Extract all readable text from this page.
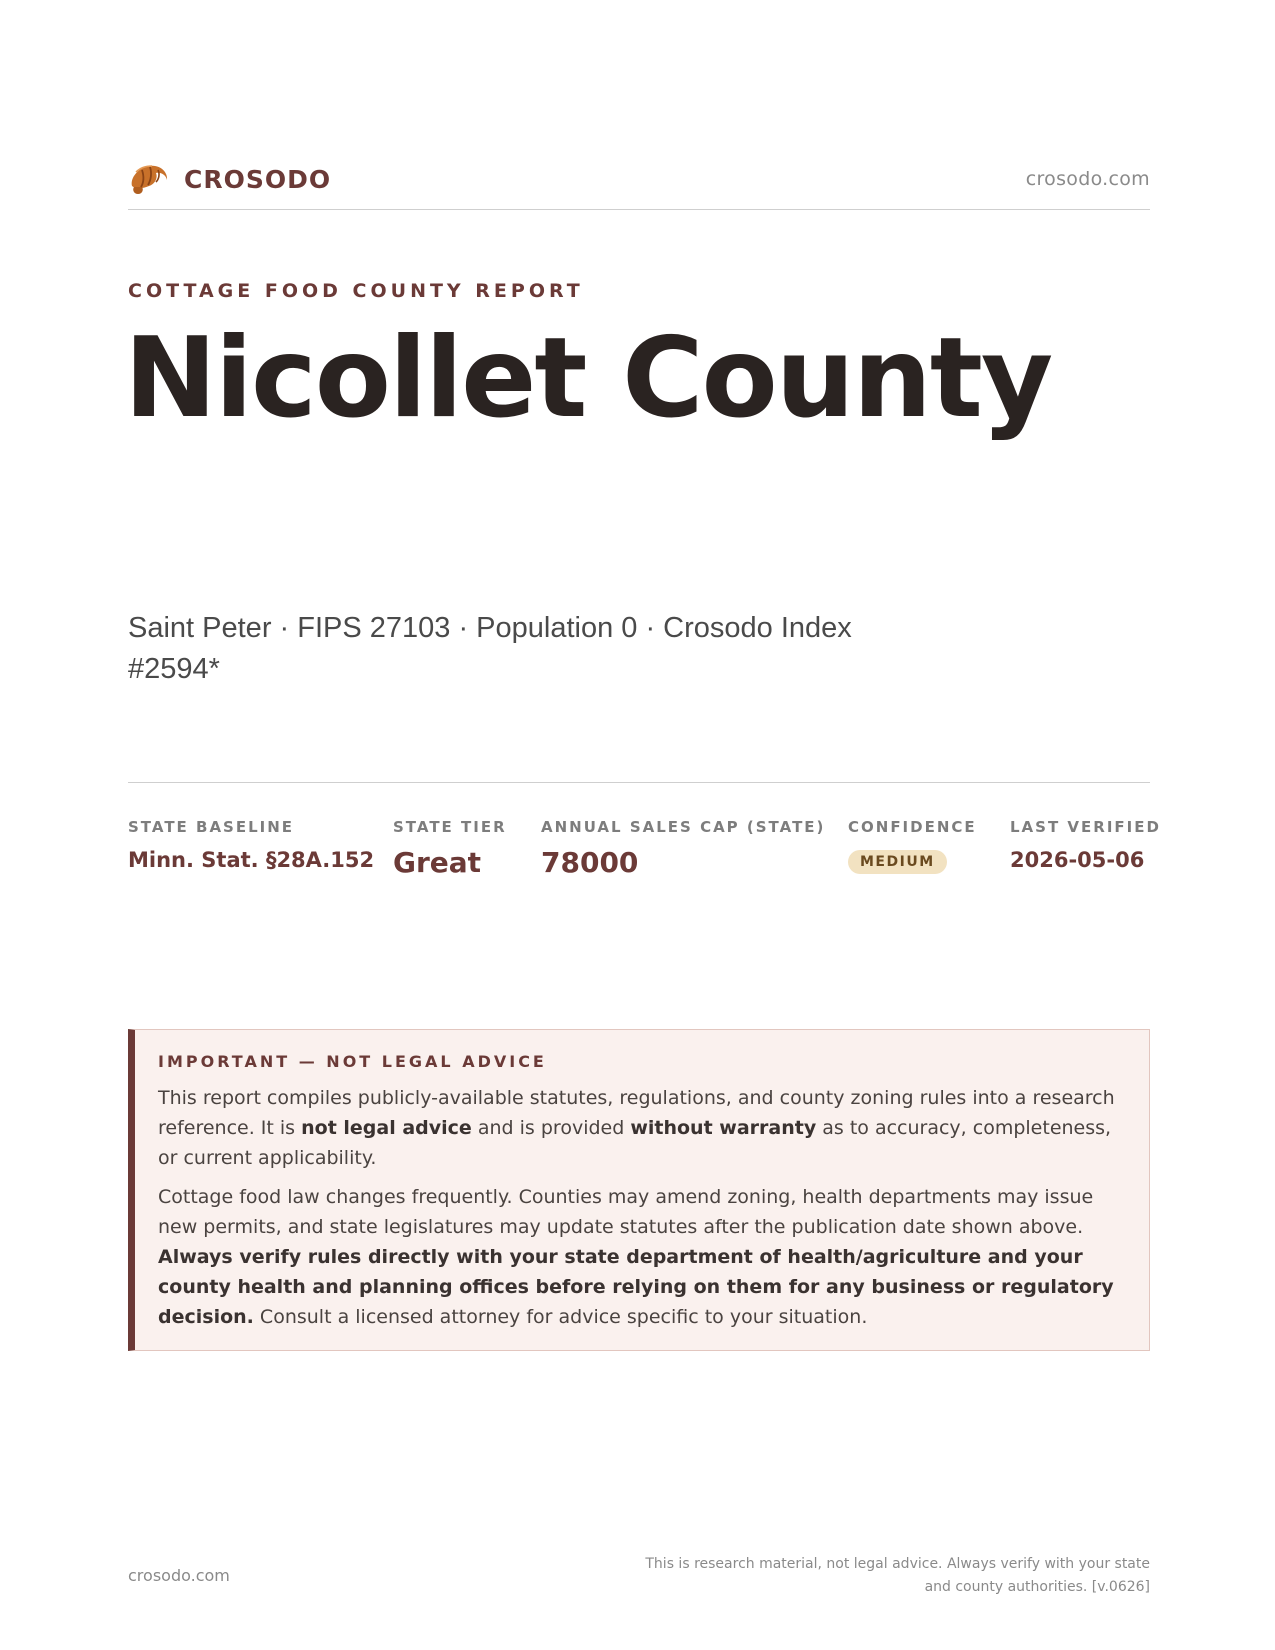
CROSODO	crosodo.com
COTTAGE FOOD COUNTY REPORT
Nicollet County
Saint Peter · FIPS 27103 · Population 0 · Crosodo Index #2594*
STATE BASELINE
Minn. Stat. §28A.152
STATE TIER
Great
ANNUAL SALES CAP (STATE)
78000
CONFIDENCE
MEDIUM
LAST VERIFIED
2026-05-06
IMPORTANT — NOT LEGAL ADVICE

This report compiles publicly-available statutes, regulations, and county zoning rules into a research reference. It is not legal advice and is provided without warranty as to accuracy, completeness, or current applicability.

Cottage food law changes frequently. Counties may amend zoning, health departments may issue new permits, and state legislatures may update statutes after the publication date shown above. Always verify rules directly with your state department of health/agriculture and your county health and planning offices before relying on them for any business or regulatory decision. Consult a licensed attorney for advice specific to your situation.

crosodo.com
This is research material, not legal advice. Always verify with your state and county authorities. [v.0626]
